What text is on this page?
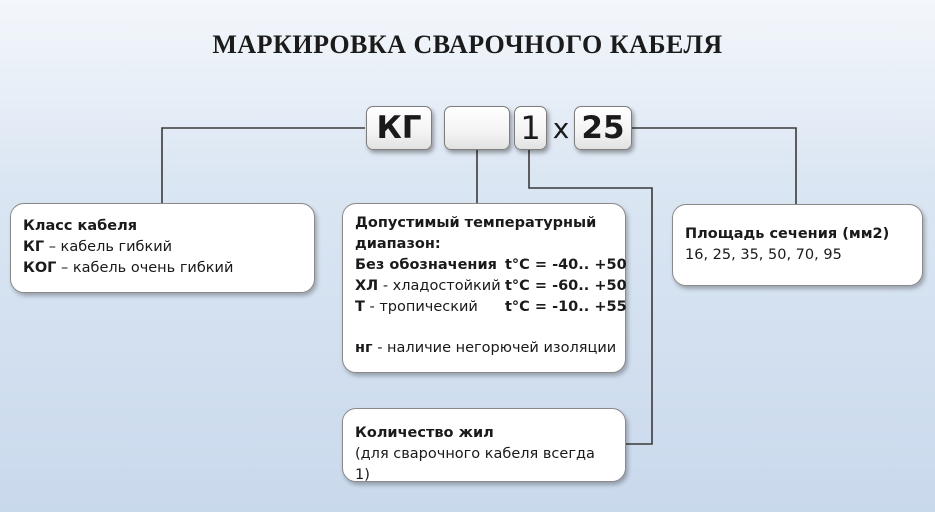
МАРКИРОВКА СВАРОЧНОГО КАБЕЛЯ
КГ	1 x 25
Класс кабеля
КГ – кабель гибкий
КОГ – кабель очень гибкий
Допустимый температурный
диапазон:
Без обозначения t°C = -40.. +50
ХЛ - хладостойкий t°C = -60.. +50
Т - тропический t°C = -10.. +55
нг - наличие негорючей изоляции
Площадь сечения (мм2)
16, 25, 35, 50, 70, 95
Количество жил
(для сварочного кабеля всегда 1)
